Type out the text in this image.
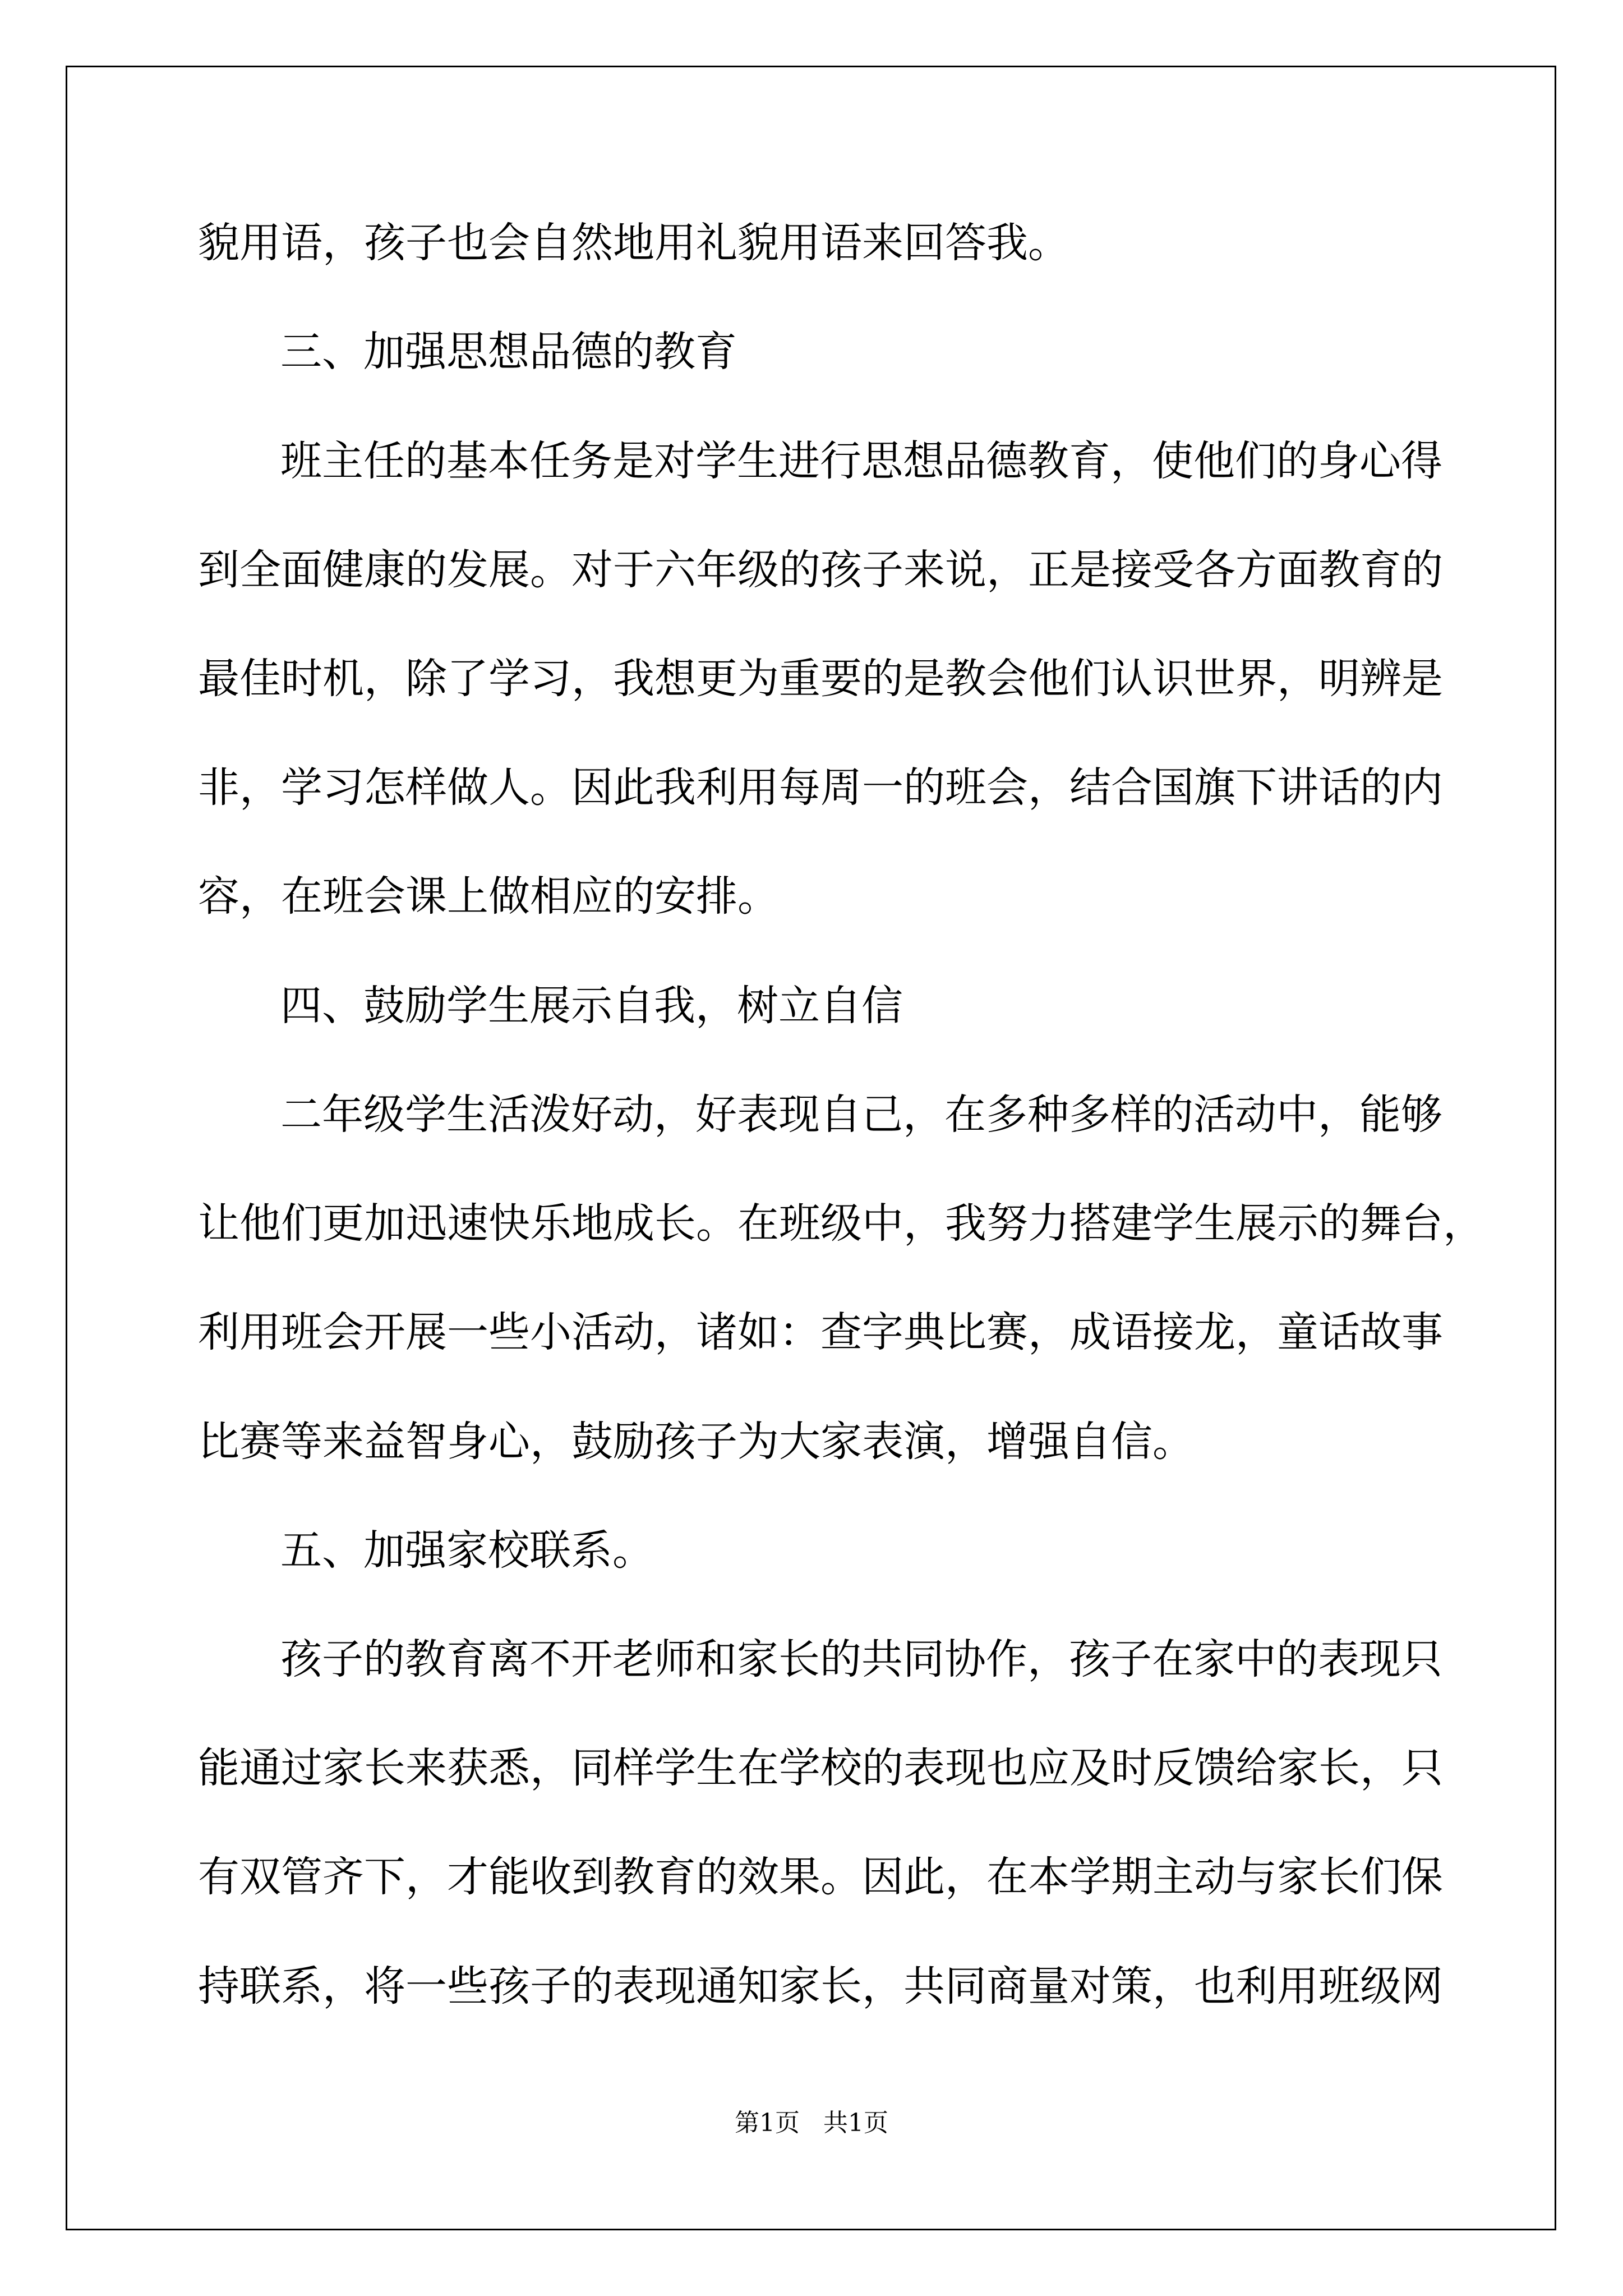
貌用语，孩子也会自然地用礼貌用语来回答我。
三、加强思想品德的教育
班主任的基本任务是对学生进行思想品德教育，使他们的身心得
到全面健康的发展。对于六年级的孩子来说，正是接受各方面教育的
最佳时机，除了学习，我想更为重要的是教会他们认识世界，明辨是
非，学习怎样做人。因此我利用每周一的班会，结合国旗下讲话的内
容，在班会课上做相应的安排。
四、鼓励学生展示自我，树立自信
二年级学生活泼好动，好表现自己，在多种多样的活动中，能够
让他们更加迅速快乐地成长。在班级中，我努力搭建学生展示的舞台，
利用班会开展一些小活动，诸如：查字典比赛，成语接龙，童话故事
比赛等来益智身心，鼓励孩子为大家表演，增强自信。
五、加强家校联系。
孩子的教育离不开老师和家长的共同协作，孩子在家中的表现只
能通过家长来获悉，同样学生在学校的表现也应及时反馈给家长，只
有双管齐下，才能收到教育的效果。因此，在本学期主动与家长们保
持联系，将一些孩子的表现通知家长，共同商量对策，也利用班级网
第1页   共1页
